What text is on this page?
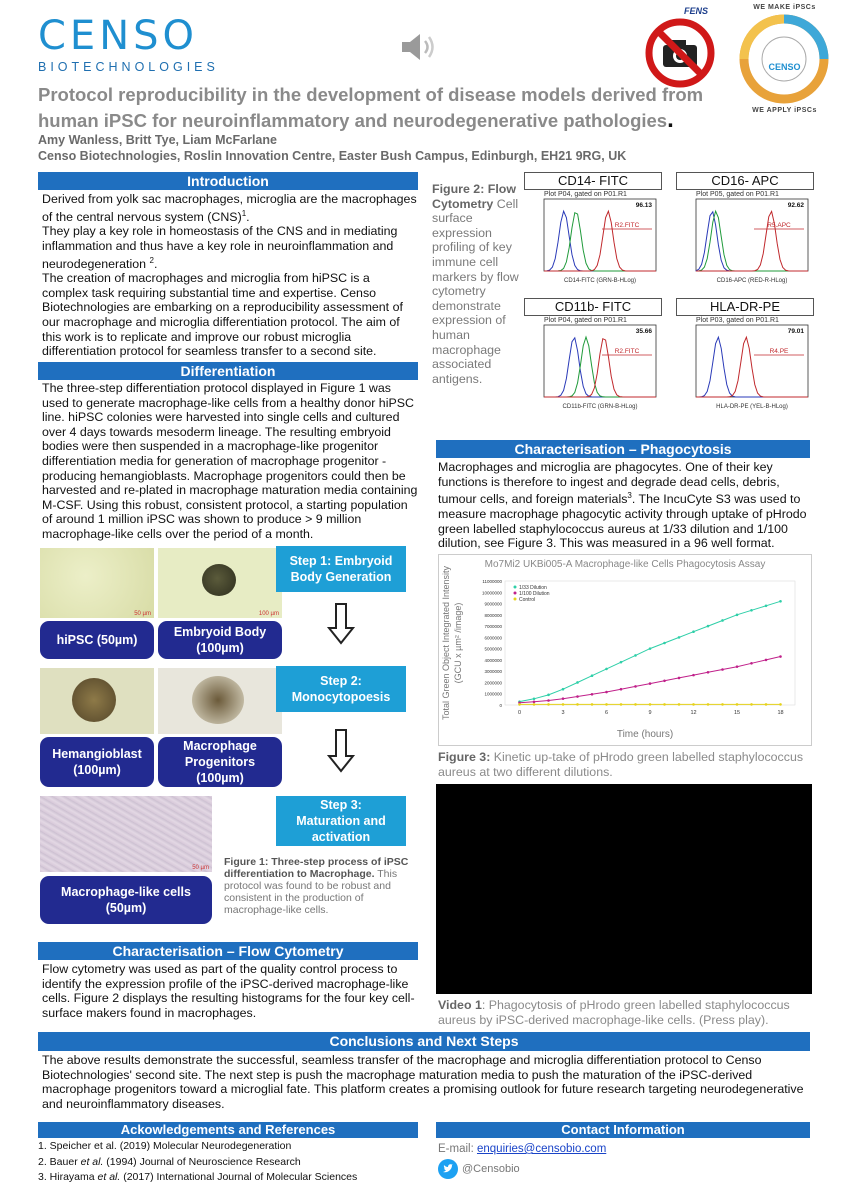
CENSO
BIOTECHNOLOGIES
FENS	WE MAKE iPSCs
CENSO
WE APPLY iPSCs
Protocol reproducibility in the development of disease models derived from
human iPSC for neuroinflammatory and neurodegenerative pathologies.
Amy Wanless, Britt Tye, Liam McFarlane
Censo Biotechnologies, Roslin Innovation Centre, Easter Bush Campus, Edinburgh, EH21 9RG, UK
Introduction
Derived from yolk sac macrophages, microglia are the macrophages of the central nervous system (CNS)$^1$.
They play a key role in homeostasis of the CNS and in mediating inflammation and thus have a key role in neuroinflammation and neurodegeneration $^2$.
The creation of macrophages and microglia from hiPSC is a complex task requiring substantial time and expertise. Censo Biotechnologies are embarking on a reproducibility assessment of our macrophage and microglia differentiation protocol. The aim of this work is to replicate and improve our robust microglia differentiation protocol for seamless transfer to a second site.
Differentiation
The three-step differentiation protocol displayed in Figure 1 was used to generate macrophage-like cells from a healthy donor hiPSC line. hiPSC colonies were harvested into single cells and cultured over 4 days towards mesoderm lineage. The resulting embryoid bodies were then suspended in a macrophage-like progenitor differentiation media for generation of macrophage progenitor - producing hemangioblasts. Macrophage progenitors could then be harvested and re-plated in macrophage maturation media containing M-CSF. Using this robust, consistent protocol, a starting population of around 1 million iPSC was shown to produce > 9 million macrophage-like cells over the period of a month.
50 µm	100 µm
hiPSC (50µm)
Embryoid Body (100µm)
Hemangioblast (100µm)
Macrophage Progenitors
(100µm)
50 µm
Macrophage-like cells (50µm)
Step 1: Embryoid Body Generation
Step 2: Monocytopoesis
Step 3: Maturation and activation
Figure 1: Three-step process of iPSC differentiation to Macrophage. This protocol was found to be robust and consistent in the production of macrophage-like cells.
Characterisation – Flow Cytometry
Flow cytometry was used as part of the quality control process to identify the expression profile of the iPSC-derived macrophage-like cells. Figure 2 displays the resulting histograms for the four key cell-surface makers found in macrophages.
Figure 2: Flow Cytometry Cell surface expression profiling of key immune cell markers by flow cytometry demonstrate expression of human macrophage associated antigens.
CD14- FITC
Plot P04, gated on P01.R1
96.13
R2.FITC
CD14-FITC (GRN-B-HLog)
CD16- APC
Plot P05, gated on P01.R1
92.62
R5.APC
CD16-APC (RED-R-HLog)
CD11b- FITC
Plot P04, gated on P01.R1
35.66
R2.FITC
CD11b-FITC (GRN-B-HLog)
HLA-DR-PE
Plot P03, gated on P01.R1
79.01
R4.PE
HLA-DR-PE (YEL-B-HLog)
Characterisation – Phagocytosis
Macrophages and microglia are phagocytes. One of their key functions is therefore to ingest and degrade dead cells, debris, tumour cells, and foreign materials$^3$. The IncuCyte S3 was used to measure macrophage phagocytic activity through uptake of pHrodo green labelled staphylococcus aureus at 1/33 dilution and 1/100 dilution, see Figure 3. This was measured in a 96 well format.
Mo7Mi2 UKBi005-A Macrophage-like Cells Phagocytosis Assay
0
1000000
2000000
3000000
4000000
5000000
6000000
7000000
8000000
9000000
10000000
11000000
0	3	6	9	12	15	18
Time (hours)
Total Green Object Integrated Intensity (GCU x µm² /image)
1/33 Dilution
1/100 Dilution
Control
Figure 3: Kinetic up-take of pHrodo green labelled staphylococcus aureus at two different dilutions.
Video 1: Phagocytosis of pHrodo green labelled staphylococcus aureus by iPSC-derived macrophage-like cells. (Press play).
Conclusions and Next Steps
The above results demonstrate the successful, seamless transfer of the macrophage and microglia differentiation protocol to Censo Biotechnologies' second site. The next step is push the macrophage maturation media to push the maturation of the iPSC-derived macrophage progenitors toward a microglial fate. This platform creates a promising outlook for future research targeting neurodegenerative and neuroinflammatory diseases.
Ackowledgements and References
1. Speicher et al. (2019) Molecular Neurodegeneration
2. Bauer et al. (1994) Journal of Neuroscience Research
3. Hirayama et al. (2017) International Journal of Molecular Sciences
Contact Information
E-mail: enquiries@censobio.com
@Censobio
